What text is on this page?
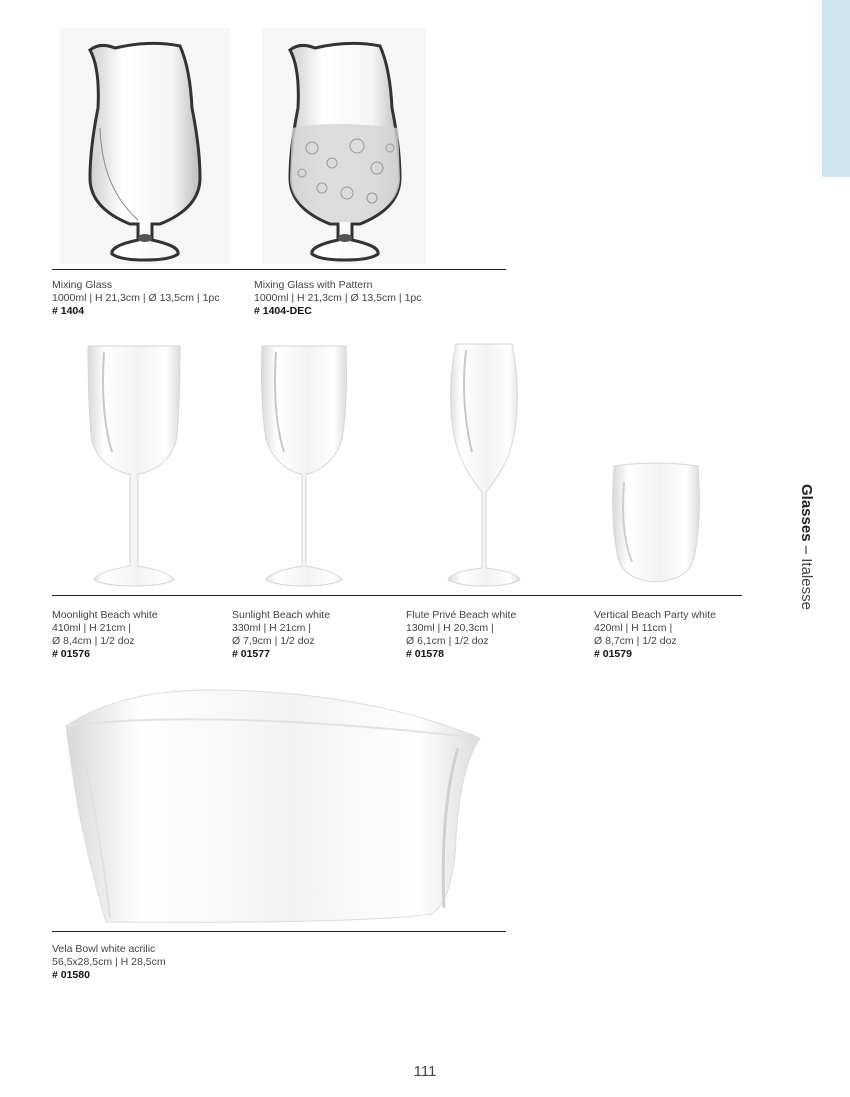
Glasses – Italesse
Mixing Glass
1000ml | H 21,3cm | Ø 13,5cm | 1pc
# 1404
Mixing Glass with Pattern
1000ml | H 21,3cm | Ø 13,5cm | 1pc
# 1404-DEC
Moonlight Beach white
410ml | H 21cm |
Ø 8,4cm | 1/2 doz
# 01576
Sunlight Beach white
330ml | H 21cm |
Ø 7,9cm | 1/2 doz
# 01577
Flute Privé Beach white
130ml | H 20,3cm |
Ø 6,1cm | 1/2 doz
# 01578
Vertical Beach Party white
420ml | H 11cm |
Ø 8,7cm | 1/2 doz
# 01579
Vela Bowl white acrilic
56,5x28,5cm | H 28,5cm
# 01580
111
